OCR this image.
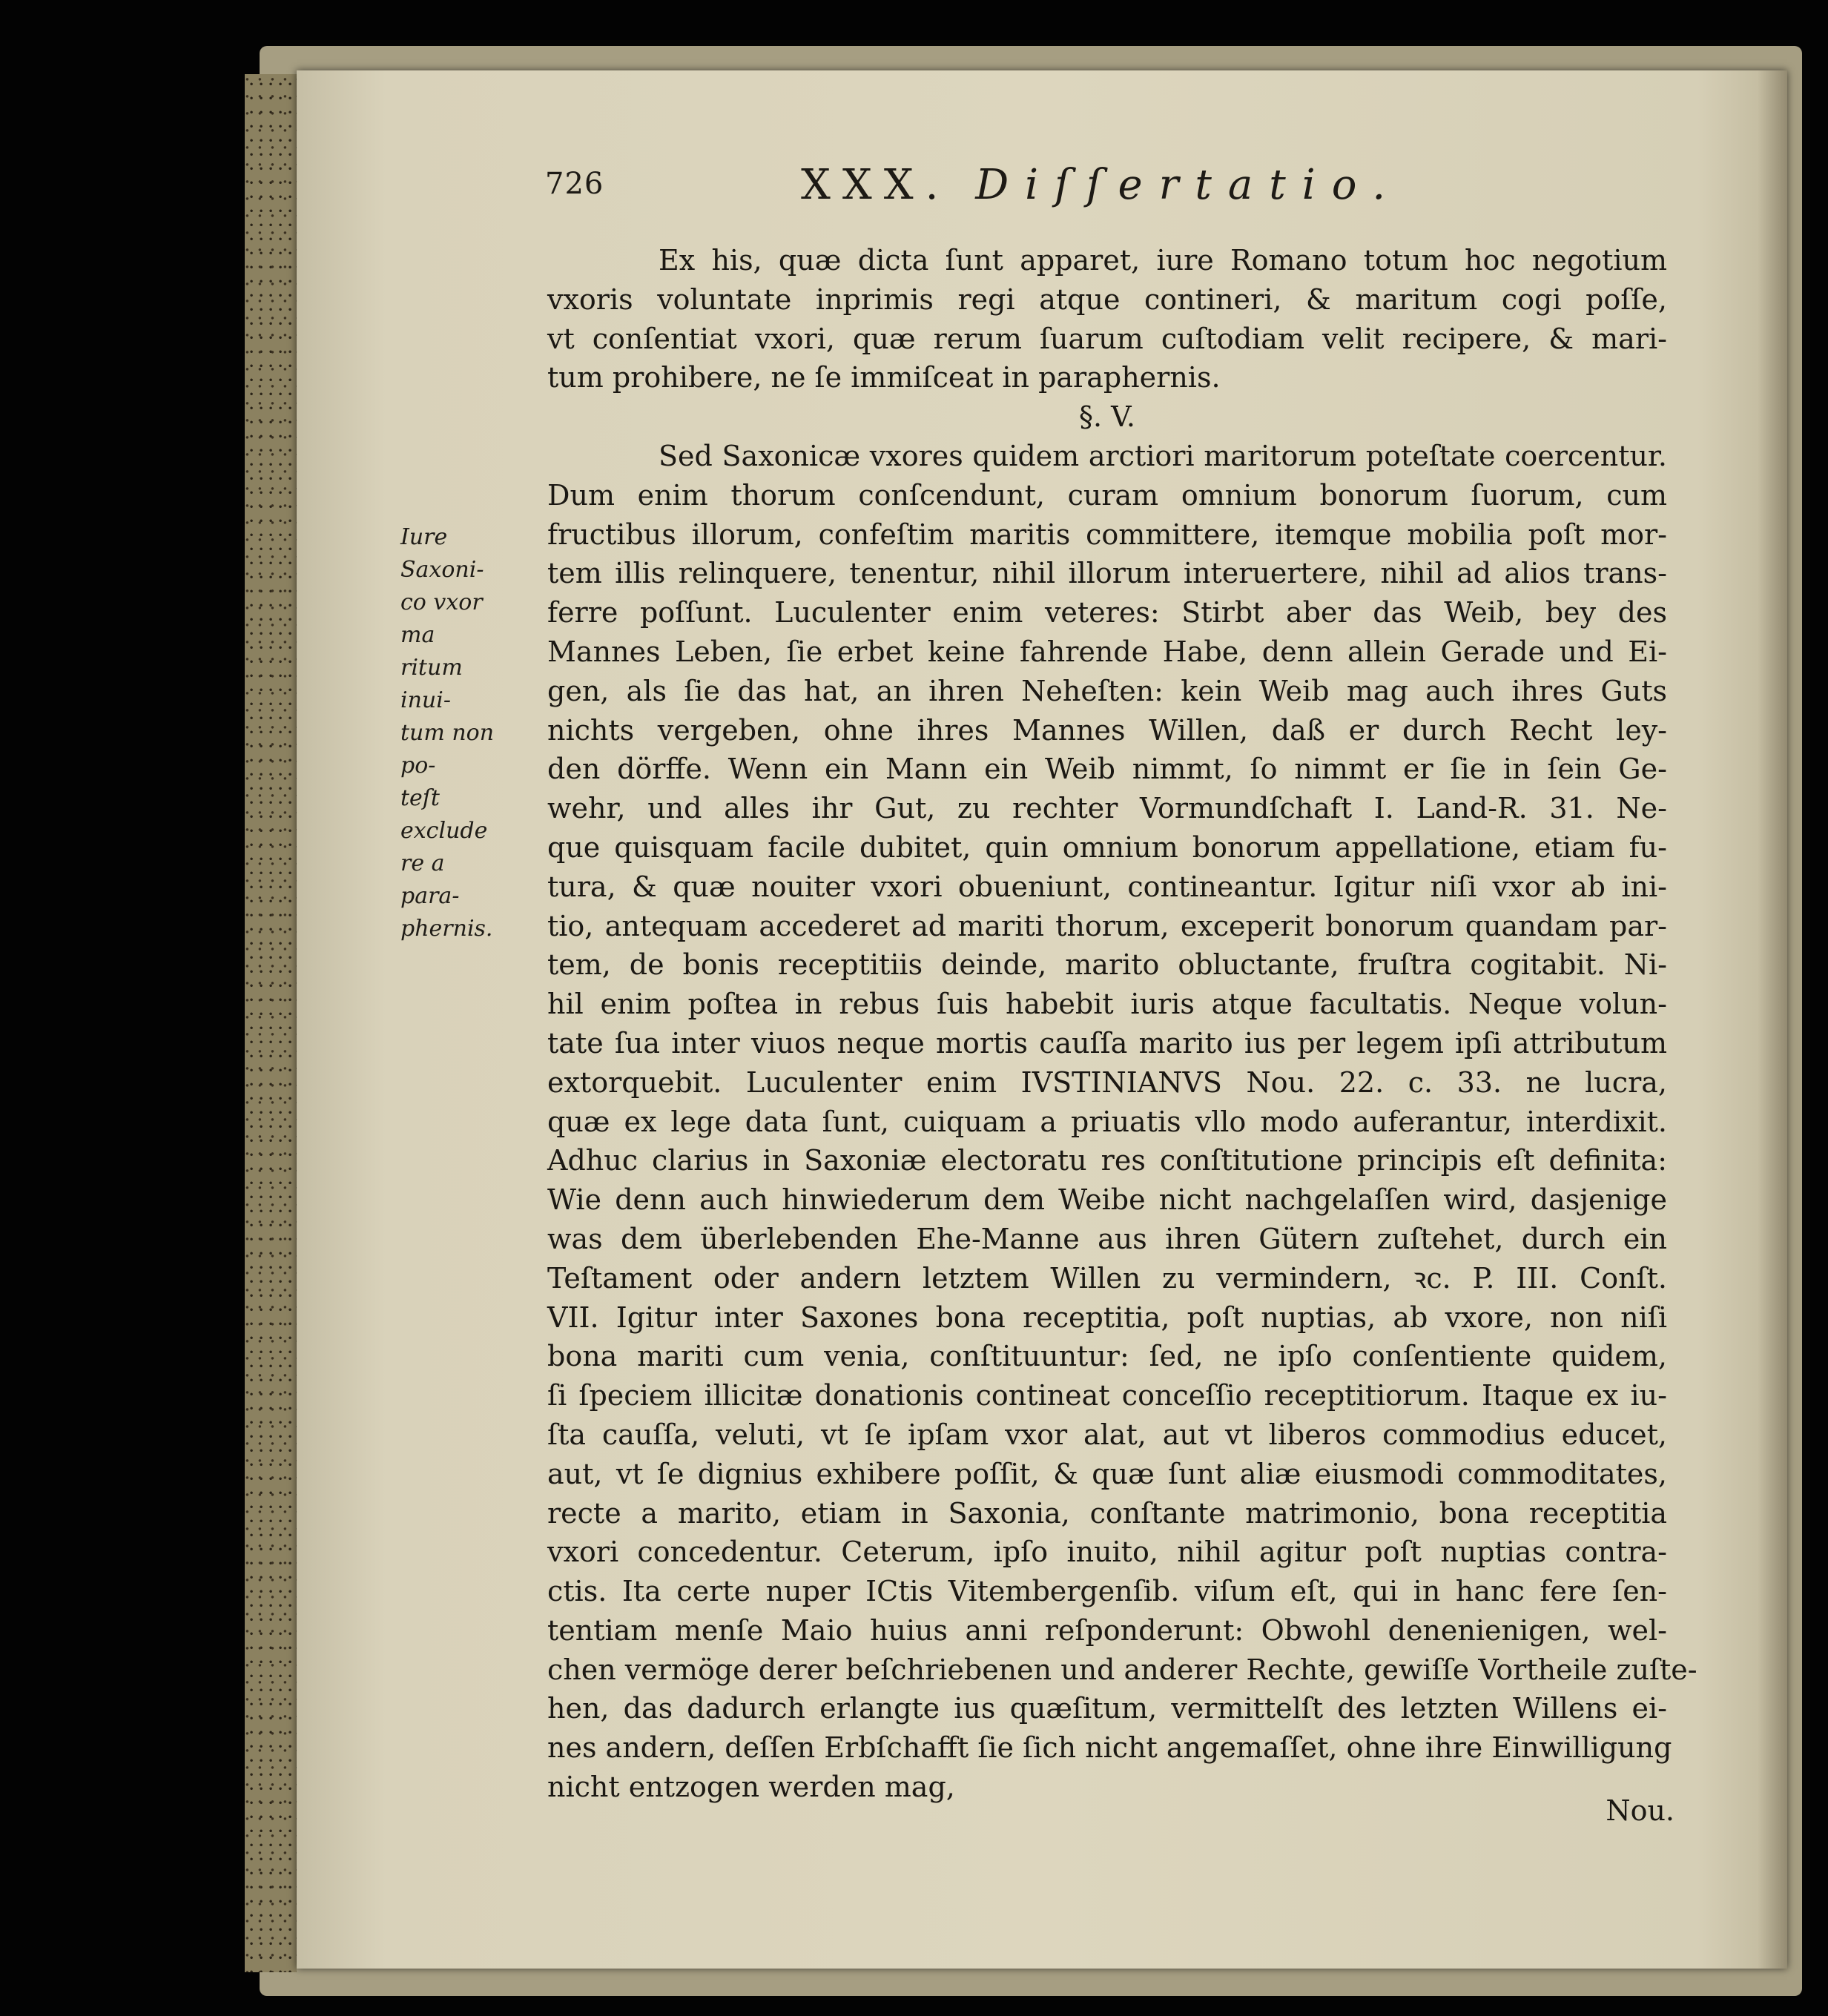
726	XXX. Diſſertatio.
Iure Saxoni-
co vxor ma
ritum inui-
tum non po-
teſt exclude
re a para-
phernis.
Ex his, quæ dicta ſunt apparet, iure Romano totum hoc negotium
vxoris voluntate inprimis regi atque contineri, & maritum cogi poſſe,
vt conſentiat vxori, quæ rerum ſuarum cuſtodiam velit recipere, & mari-
tum prohibere, ne ſe immiſceat in paraphernis.
§. V.
Sed Saxonicæ vxores quidem arctiori maritorum poteſtate coercentur.
Dum enim thorum conſcendunt, curam omnium bonorum ſuorum, cum
fructibus illorum, confeſtim maritis committere, itemque mobilia poſt mor-
tem illis relinquere, tenentur, nihil illorum interuertere, nihil ad alios trans-
ferre poſſunt. Luculenter enim veteres: Stirbt aber das Weib, bey des
Mannes Leben, ſie erbet keine fahrende Habe, denn allein Gerade und Ei-
gen, als ſie das hat, an ihren Neheſten: kein Weib mag auch ihres Guts
nichts vergeben, ohne ihres Mannes Willen, daß er durch Recht ley-
den dörffe. Wenn ein Mann ein Weib nimmt, ſo nimmt er ſie in ſein Ge-
wehr, und alles ihr Gut, zu rechter Vormundſchaft I. Land-R. 31. Ne-
que quisquam facile dubitet, quin omnium bonorum appellatione, etiam fu-
tura, & quæ nouiter vxori obueniunt, contineantur. Igitur niſi vxor ab ini-
tio, antequam accederet ad mariti thorum, exceperit bonorum quandam par-
tem, de bonis receptitiis deinde, marito obluctante, fruſtra cogitabit. Ni-
hil enim poſtea in rebus ſuis habebit iuris atque facultatis. Neque volun-
tate ſua inter viuos neque mortis cauſſa marito ius per legem ipſi attributum
extorquebit. Luculenter enim IVSTINIANVS Nou. 22. c. 33. ne lucra,
quæ ex lege data ſunt, cuiquam a priuatis vllo modo auferantur, interdixit.
Adhuc clarius in Saxoniæ electoratu res conſtitutione principis eſt definita:
Wie denn auch hinwiederum dem Weibe nicht nachgelaſſen wird, dasjenige
was dem überlebenden Ehe-Manne aus ihren Gütern zuſtehet, durch ein
Teſtament oder andern letztem Willen zu vermindern, ꝛc. P. III. Conſt.
VII. Igitur inter Saxones bona receptitia, poſt nuptias, ab vxore, non niſi
bona mariti cum venia, conſtituuntur: ſed, ne ipſo conſentiente quidem,
ſi ſpeciem illicitæ donationis contineat conceſſio receptitiorum. Itaque ex iu-
ſta cauſſa, veluti, vt ſe ipſam vxor alat, aut vt liberos commodius educet,
aut, vt ſe dignius exhibere poſſit, & quæ ſunt aliæ eiusmodi commoditates,
recte a marito, etiam in Saxonia, conſtante matrimonio, bona receptitia
vxori concedentur. Ceterum, ipſo inuito, nihil agitur poſt nuptias contra-
ctis. Ita certe nuper ICtis Vitembergenſib. viſum eſt, qui in hanc fere ſen-
tentiam menſe Maio huius anni reſponderunt: Obwohl denenienigen, wel-
chen vermöge derer beſchriebenen und anderer Rechte, gewiſſe Vortheile zuſte-
hen, das dadurch erlangte ius quæſitum, vermittelſt des letzten Willens ei-
nes andern, deſſen Erbſchafft ſie ſich nicht angemaſſet, ohne ihre Einwilligung
nicht entzogen werden mag,
Nou.
